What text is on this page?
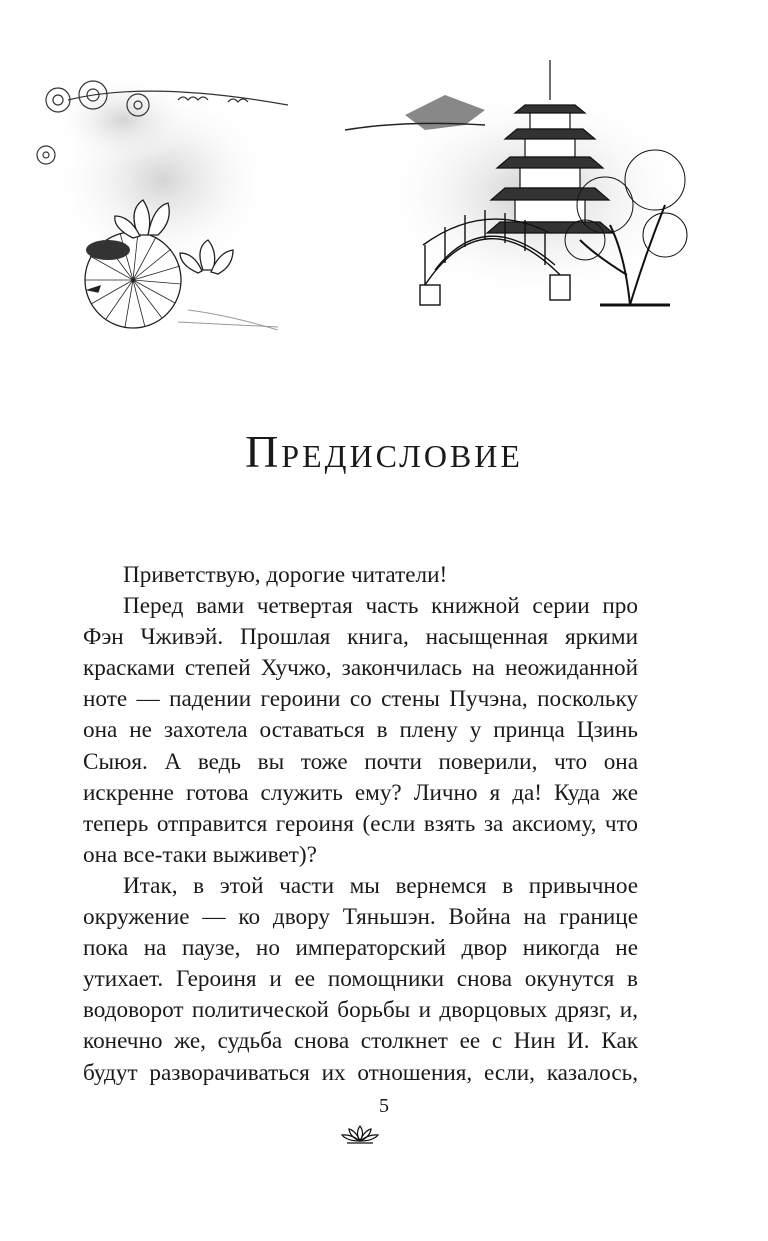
Предисловие

Приветствую, дорогие читатели!

Перед вами четвертая часть книжной серии про Фэн Чживэй. Прошлая книга, насыщенная яркими красками степей Хучжо, закончилась на неожиданной ноте — падении героини со стены Пучэна, поскольку она не захотела оставаться в плену у принца Цзинь Сыюя. А ведь вы тоже почти поверили, что она искренне готова служить ему? Лично я да! Куда же теперь отправится героиня (если взять за аксиому, что она все-таки выживет)?

Итак, в этой части мы вернемся в привычное окружение — ко двору Тяньшэн. Война на границе пока на паузе, но императорский двор никогда не утихает. Героиня и ее помощники снова окунутся в водоворот политической борьбы и дворцовых дрязг, и, конечно же, судьба снова столкнет ее с Нин И. Как будут разворачиваться их отношения, если, казалось,

5
